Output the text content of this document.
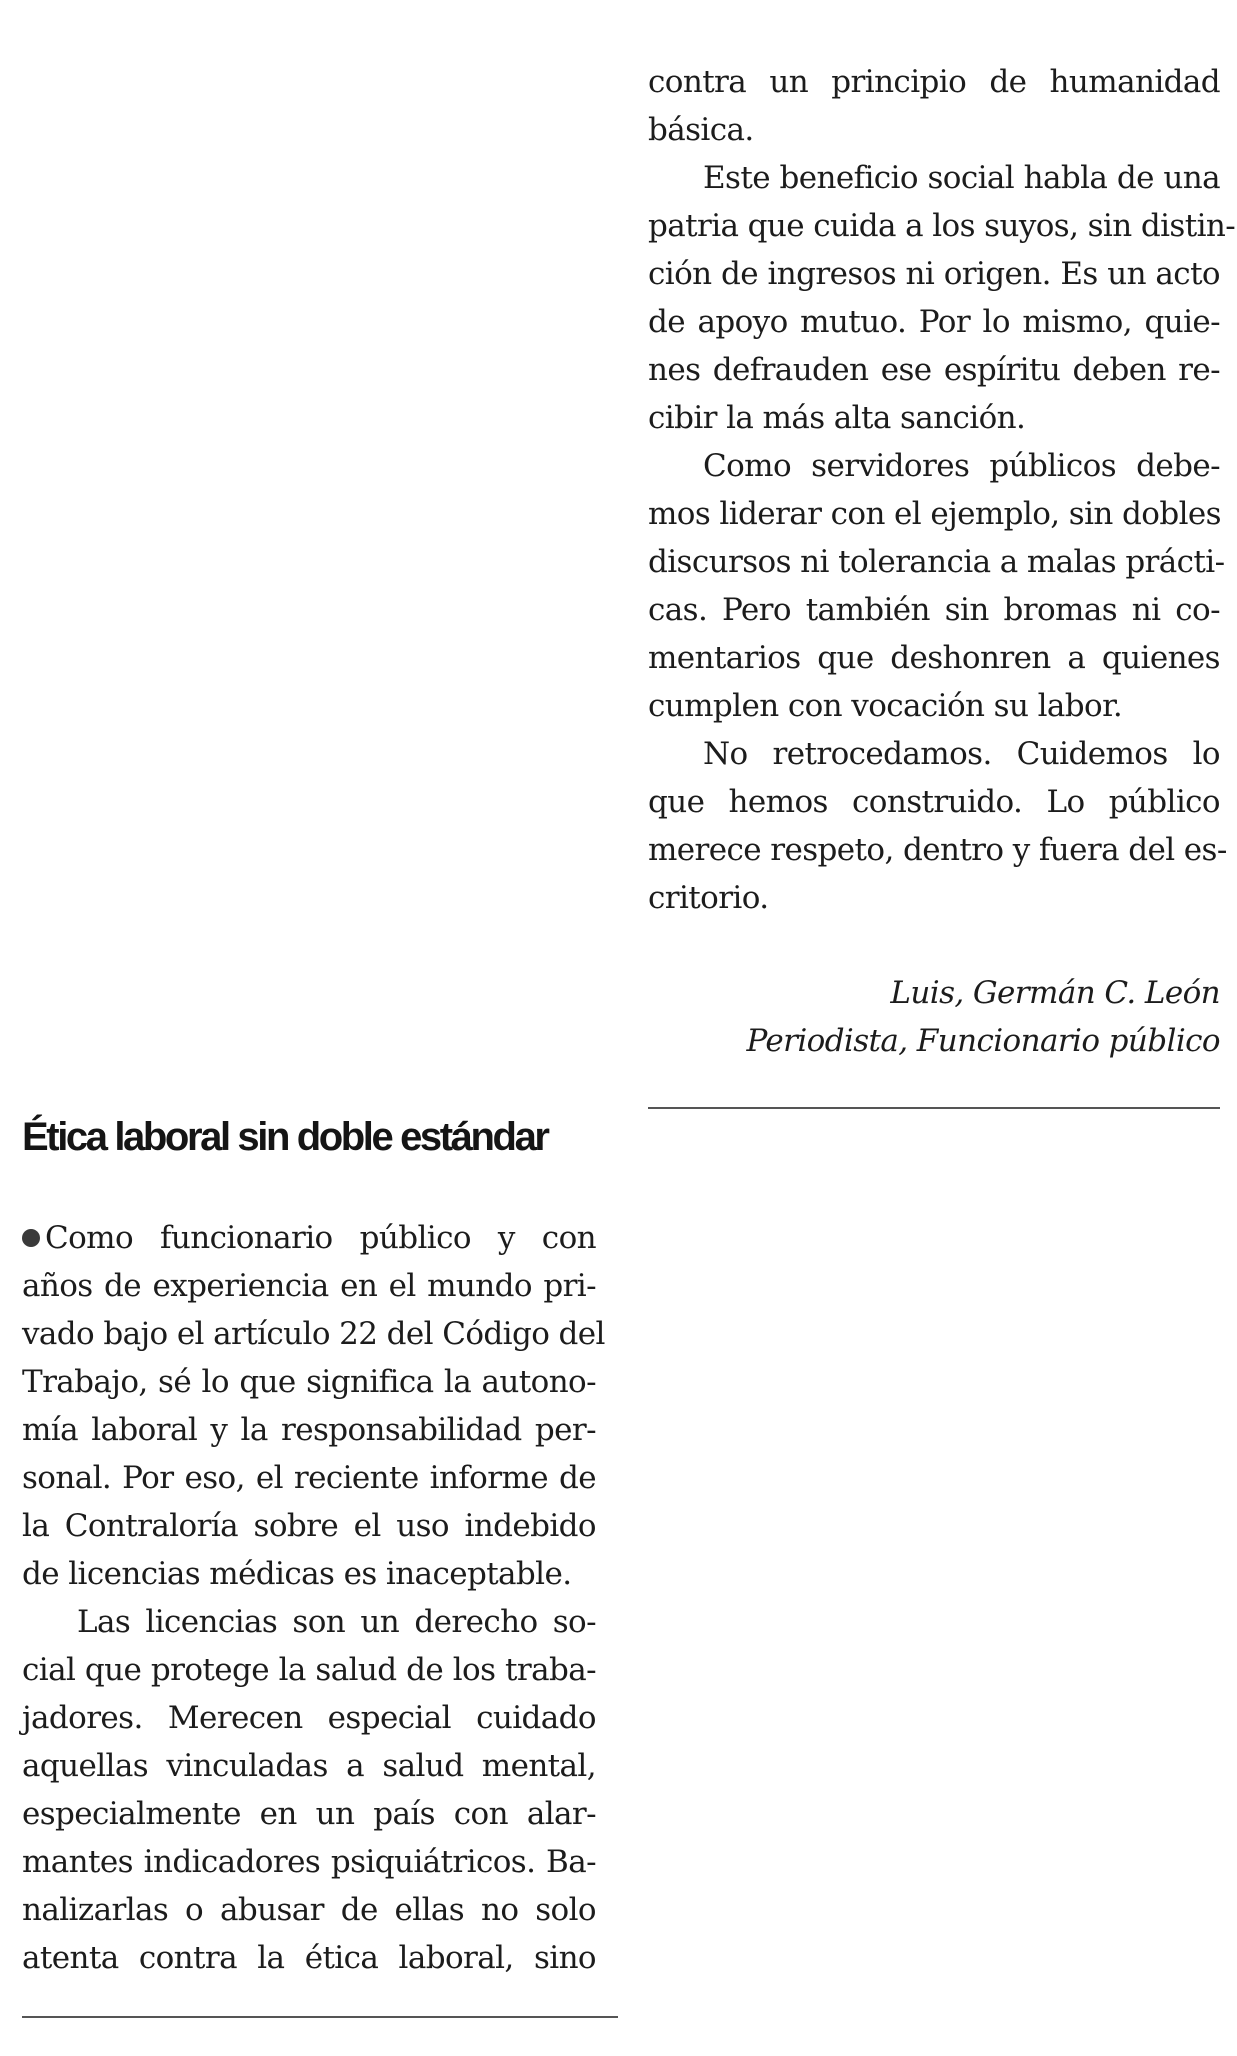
contra un principio de humanidad
básica.
Este beneficio social habla de una
patria que cuida a los suyos, sin distin-
ción de ingresos ni origen. Es un acto
de apoyo mutuo. Por lo mismo, quie-
nes defrauden ese espíritu deben re-
cibir la más alta sanción.
Como servidores públicos debe-
mos liderar con el ejemplo, sin dobles
discursos ni tolerancia a malas prácti-
cas. Pero también sin bromas ni co-
mentarios que deshonren a quienes
cumplen con vocación su labor.
No retrocedamos. Cuidemos lo
que hemos construido. Lo público
merece respeto, dentro y fuera del es-
critorio.
Luis, Germán C. León
Periodista, Funcionario público
Ética laboral sin doble estándar
Como funcionario público y con
años de experiencia en el mundo pri-
vado bajo el artículo 22 del Código del
Trabajo, sé lo que significa la autono-
mía laboral y la responsabilidad per-
sonal. Por eso, el reciente informe de
la Contraloría sobre el uso indebido
de licencias médicas es inaceptable.
Las licencias son un derecho so-
cial que protege la salud de los traba-
jadores. Merecen especial cuidado
aquellas vinculadas a salud mental,
especialmente en un país con alar-
mantes indicadores psiquiátricos. Ba-
nalizarlas o abusar de ellas no solo
atenta contra la ética laboral, sino
